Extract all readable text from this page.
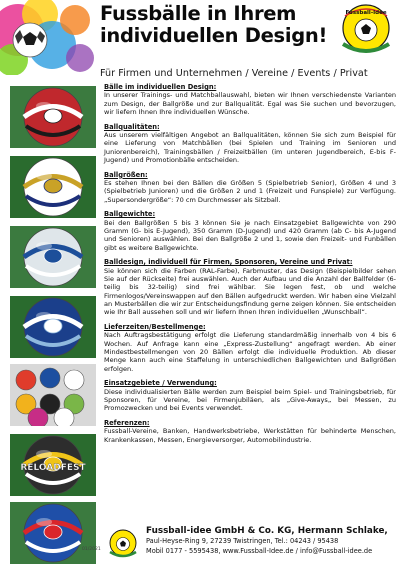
Fussbälle in Ihrem individuellen Design!
Fussball-Idee
Für Firmen und Unternehmen / Vereine / Events / Privat
RELOADFEST
01/2021
Bälle im individuellen Design:

In unserer Trainings- und Matchballauswahl, bieten wir Ihnen verschiedenste Varianten zum Design, der Ballgröße und zur Ballqualität. Egal was Sie suchen und bevorzugen, wir liefern Ihnen Ihre individuellen Wünsche.

Ballqualitäten:

Aus unserem vielfältigen Angebot an Ballqualitäten, können Sie sich zum Beispiel für eine Lieferung von Matchbällen (bei Spielen und Training im Senioren und Juniorenbereich), Trainingsbällen / Freizeitbällen (im unteren Jugendbereich, E-bis F-Jugend) und Promotionbälle entscheiden.

Ballgrößen:

Es stehen Ihnen bei den Bällen die Größen 5 (Spielbetrieb Senior), Größen 4 und 3 (Spielbetrieb Junioren) und die Größen 2 und 1 (Freizeit und Funspiele) zur Verfügung. „Supersondergröße“: 70 cm Durchmesser als Sitzball.

Ballgewichte:

Bei den Ballgrößen 5 bis 3 können Sie je nach Einsatzgebiet Ballgewichte von 290 Gramm (G- bis E-Jugend), 350 Gramm (D-Jugend) und 420 Gramm (ab C- bis A-Jugend und Senioren) auswählen. Bei den Ballgröße 2 und 1, sowie den Freizeit- und Funbällen gibt es weitere Ballgewichte.

Balldesign, individuell für Firmen, Sponsoren, Vereine und Privat:

Sie können sich die Farben (RAL-Farbe), Farbmuster, das Design (Beispielbilder sehen Sie auf der Rückseite) frei auswählen. Auch der Aufbau und die Anzahl der Ballfelder (6-teilig bis 32-teilig) sind frei wählbar. Sie legen fest, ob und welche Firmenlogos/Vereinswappen auf den Bällen aufgedruckt werden. Wir haben eine Vielzahl an Musterbällen die wir zur Entscheidungsfindung gerne zeigen können. Sie entscheiden wie Ihr Ball aussehen soll und wir liefern Ihnen Ihren individuellen „Wunschball“.

Lieferzeiten/Bestellmenge:

Nach Auftragsbestätigung erfolgt die Lieferung standardmäßig innerhalb von 4 bis 6 Wochen. Auf Anfrage kann eine „Express-Zustellung“ angefragt werden. Ab einer Mindestbestellmengen von 20 Bällen erfolgt die individuelle Produktion. Ab dieser Menge kann auch eine Staffelung in unterschiedlichen Ballgewichten und Ballgrößen erfolgen.

Einsatzgebiete / Verwendung:

Diese individualisierten Bälle werden zum Beispiel beim Spiel- und Trainingsbetrieb, für Sponsoren, für Vereine, bei Firmenjubiläen, als „Give-Aways„ bei Messen, zu Promozwecken und bei Events verwendet.

Referenzen:

Fussball-Vereine, Banken, Handwerksbetriebe, Werkstätten für behinderte Menschen, Krankenkassen, Messen, Energieversorger, Automobilindustrie.

Fussball-idee GmbH & Co. KG, Hermann Schlake,
Paul-Heyse-Ring 9, 27239 Twistringen, Tel.: 04243 / 95438
Mobil 0177 - 5595438, www.Fussball-Idee.de / info@Fussball-idee.de
